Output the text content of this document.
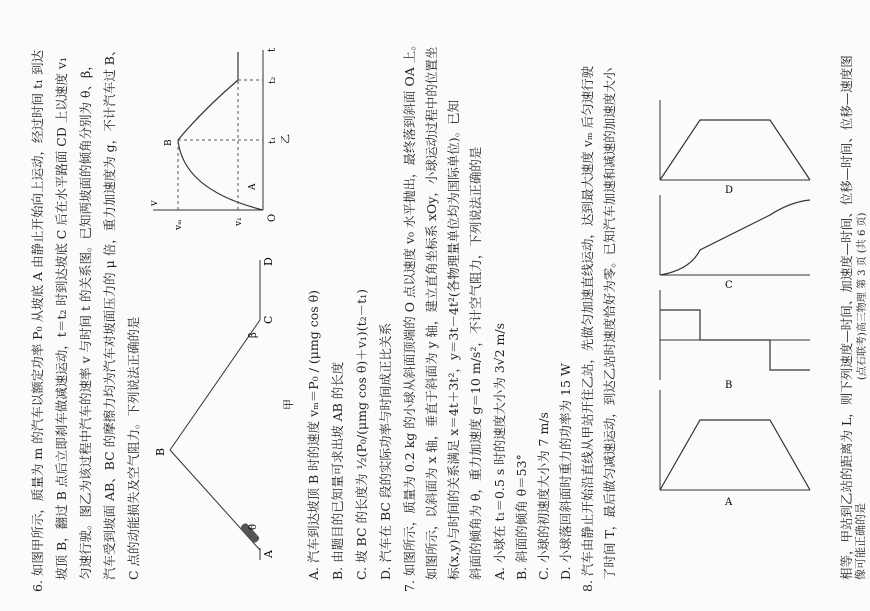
6. 如图甲所示，质量为 m 的汽车以额定功率 P₀ 从坡底 A 由静止开始向上运动，经过时间 t₁ 到达 坡顶 B，翻过 B 点后立即刹车做减速运动，t＝t₂ 时到达坡底 C 后在水平路面 CD 上以速度 v₁ 匀速行驶。图乙为该过程中汽车的速率 v 与时间 t 的关系图。已知两坡面的倾角分别为 θ、β， 汽车受到坡面 AB、BC 的摩擦力均为汽车对坡面压力的 μ 倍，重力加速度为 g，不计汽车过 B、 C 点的动能损失及空气阻力。下列说法正确的是	A
B
C
D
θ
β
甲
O
v
t
vₘ	v₁
t₁
t₂
乙
A
B
A. 汽车到达坡顶 B 时的速度 vₘ＝P₀ / (μmg cos θ) B. 由题目的已知量可求出坡 AB 的长度 C. 坡 BC 的长度为 ½(P₀/(μmg cos θ)＋v₁)(t₂－t₁) D. 汽车在 BC 段的实际功率与时间成正比关系 7. 如图所示，质量为 0.2 kg 的小球从斜面顶端的 O 点以速度 v₀ 水平抛出，最终落到斜面 OA 上。 如图所示，以斜面为 x 轴，垂直于斜面为 y 轴，建立直角坐标系 xOy，小球运动过程中的位置坐 标(x,y)与时间的关系满足 x＝4t＋3t²，y＝3t－4t²(各物理量单位均为国际单位)。已知 斜面的倾角为 θ，重力加速度 g＝10 m/s²，不计空气阻力，下列说法正确的是 A. 小球在 t₁＝0.5 s 时的速度大小为 3√2 m/s B. 斜面的倾角 θ＝53° C. 小球的初速度大小为 7 m/s D. 小球落回斜面时重力的功率为 15 W 8. 汽车由静止开始沿直线从甲站开往乙站，先做匀加速直线运动，达到最大速度 vₘ 后匀速行驶 了时间 T，最后做匀减速运动，到达乙站时速度恰好为零。已知汽车加速和减速的加速度大小	相等，甲站到乙站的距离为 L，则下列速度—时间、加速度—时间、位移—时间、位移—速度图 像可能正确的是
(点石联考)高三物理 第 3 页 (共 6 页)
A
B
C
D
